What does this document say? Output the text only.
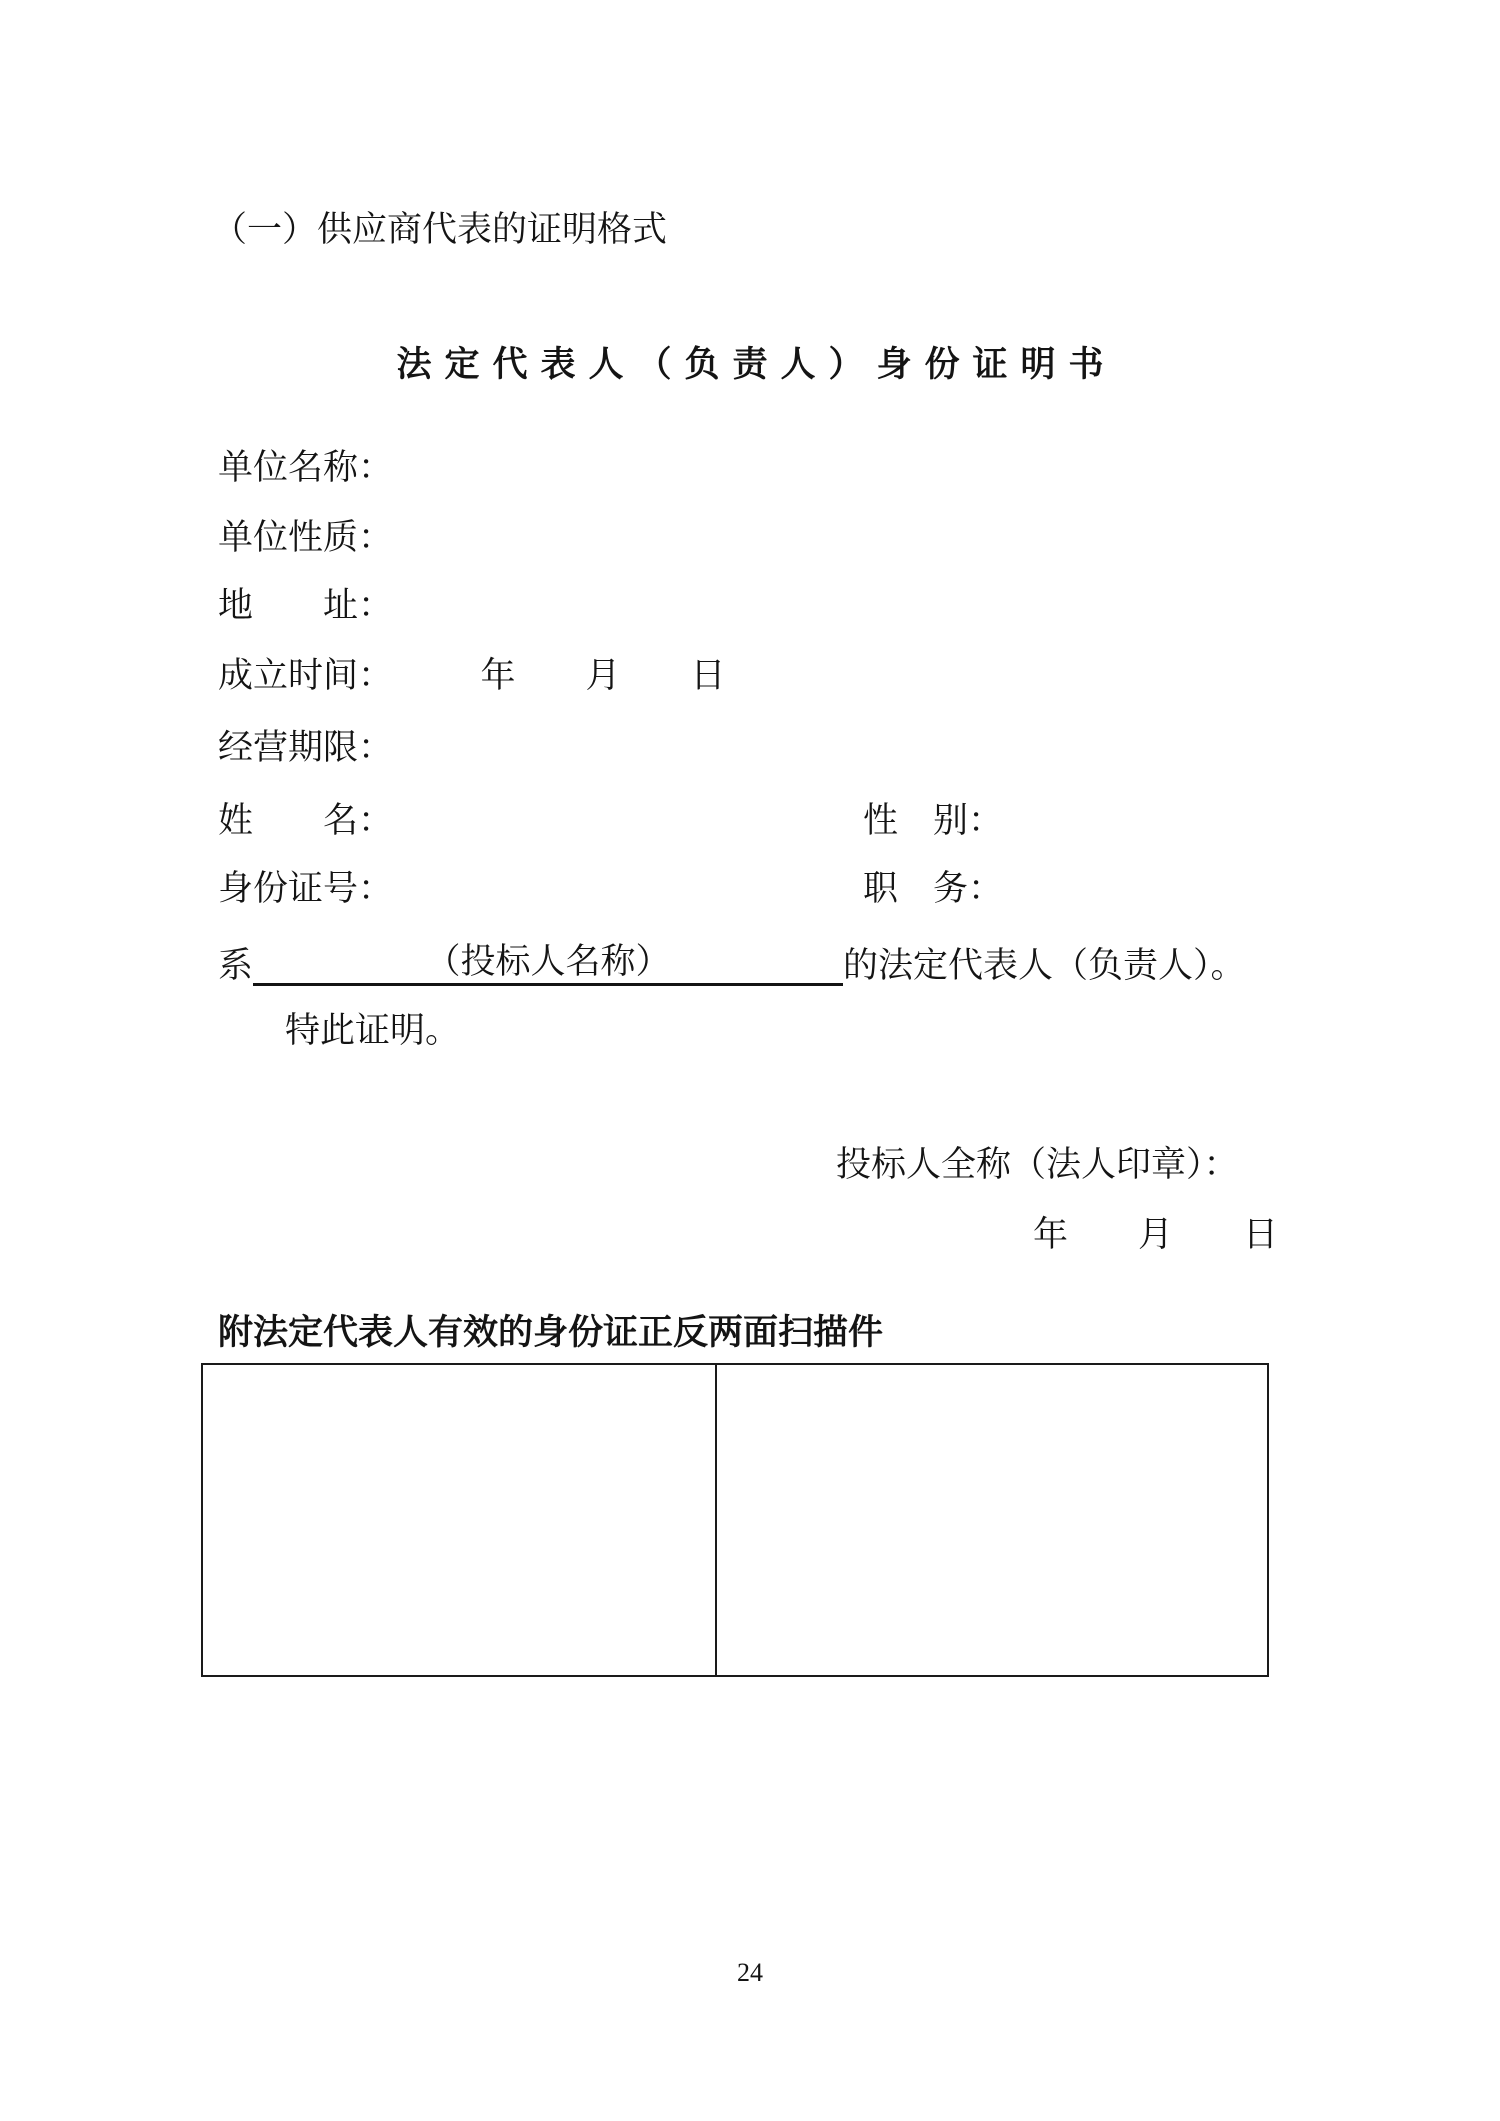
（一）供应商代表的证明格式
法定代表人（负责人）身份证明书
单位名称：
单位性质：
地　　址：
成立时间：　　　年　　月　　日
经营期限：
姓　　名：	性　别：
身份证号：	职　务：
系	（投标人名称）	的法定代表人（负责人）。
特此证明。
投标人全称（法人印章）：
年　　月　　日
附法定代表人有效的身份证正反两面扫描件
24
